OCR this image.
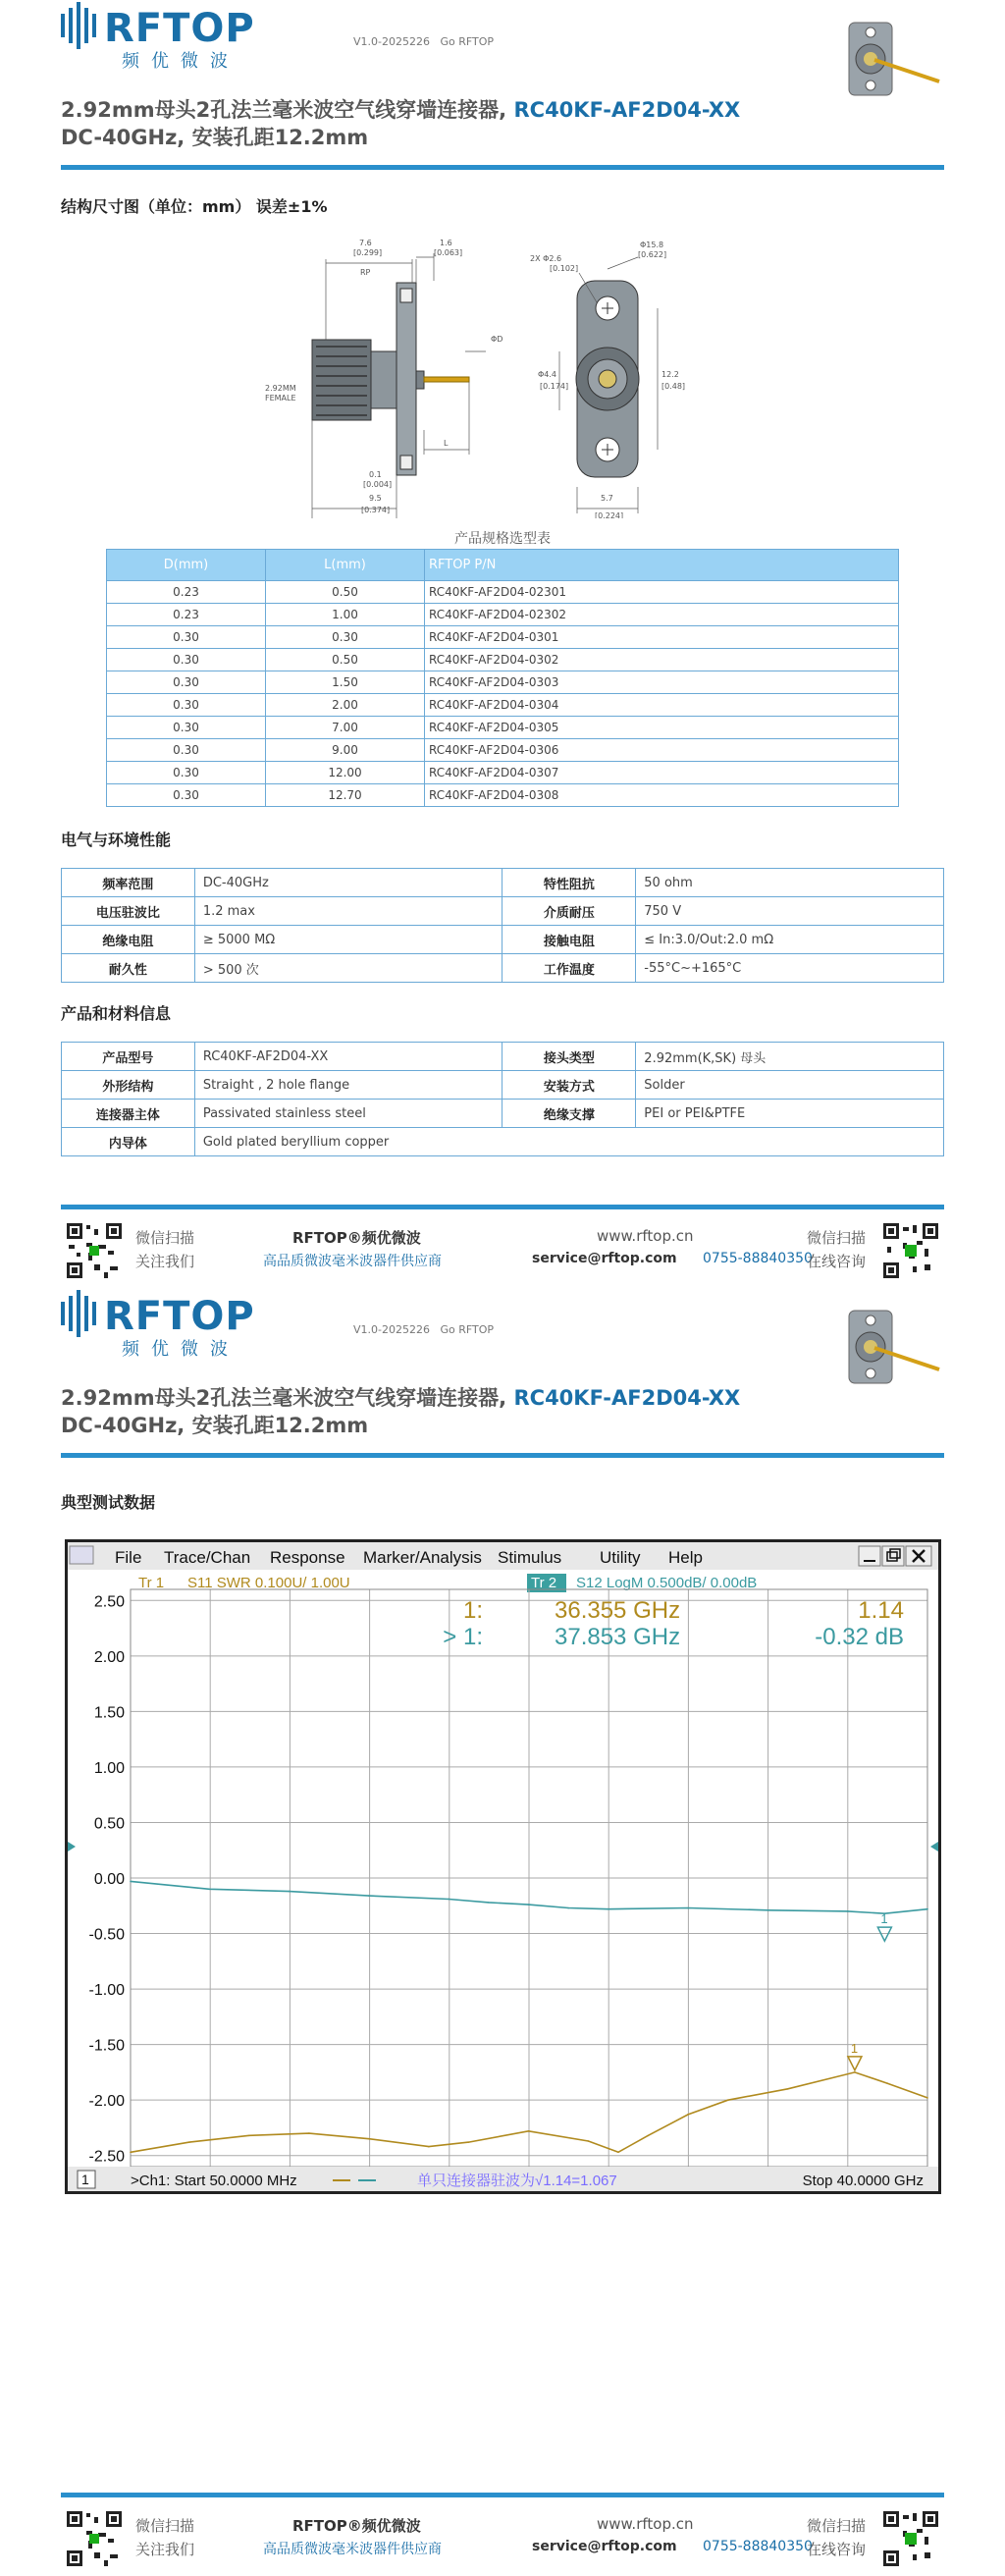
RFTOP
频优微波
V1.0-2025226 Go RFTOP
2.92mm母头2孔法兰毫米波空气线穿墙连接器, RC40KF-AF2D04-XX
DC-40GHz, 安装孔距12.2mm
结构尺寸图（单位：mm） 误差±1%
7.6
[0.299]
RP
1.6
[0.063]
ΦD
2.92MM
FEMALE
0.1
[0.004]
9.5
[0.374]
L
Φ15.8
[0.622]
2X Φ2.6
[0.102]
Φ4.4
[0.174]
12.2
[0.48]
5.7
[0.224]
产品规格选型表
D(mm)	L(mm)	RFTOP P/N
0.23	0.50	RC40KF-AF2D04-02301
0.23	1.00	RC40KF-AF2D04-02302
0.30	0.30	RC40KF-AF2D04-0301
0.30	0.50	RC40KF-AF2D04-0302
0.30	1.50	RC40KF-AF2D04-0303
0.30	2.00	RC40KF-AF2D04-0304
0.30	7.00	RC40KF-AF2D04-0305
0.30	9.00	RC40KF-AF2D04-0306
0.30	12.00	RC40KF-AF2D04-0307
0.30	12.70	RC40KF-AF2D04-0308
电气与环境性能
频率范围	DC-40GHz	特性阻抗	50 ohm
电压驻波比	1.2 max	介质耐压	750 V
绝缘电阻	≥ 5000 MΩ	接触电阻	≤ In:3.0/Out:2.0 mΩ
耐久性	> 500 次	工作温度	-55°C~+165°C
产品和材料信息
产品型号	RC40KF-AF2D04-XX	接头类型	2.92mm(K,SK) 母头
外形结构	Straight , 2 hole flange	安装方式	Solder
连接器主体	Passivated stainless steel	绝缘支撑	PEI or PEI&PTFE
内导体	Gold plated beryllium copper		
微信扫描
关注我们
RFTOP®频优微波
高品质微波毫米波器件供应商
www.rftop.cn
service@rftop.com 0755-88840350
微信扫描
在线咨询
RFTOP
频优微波
V1.0-2025226 Go RFTOP
2.92mm母头2孔法兰毫米波空气线穿墙连接器, RC40KF-AF2D04-XX
DC-40GHz, 安装孔距12.2mm
典型测试数据
微信扫描
关注我们
RFTOP®频优微波
高品质微波毫米波器件供应商
www.rftop.cn
service@rftop.com 0755-88840350
微信扫描
在线咨询
File Trace/Chan Response Marker/Analysis Stimulus Utility Help
Tr 1 S11 SWR 0.100U/ 1.00U	Tr 2 S12 LogM 0.500dB/ 0.00dB
2.50
2.00
1.50
1.00
0.50
0.00
-0.50
-1.00
-1.50
-2.00
-2.50
1:	36.355 GHz	1.14
> 1:	37.853 GHz	-0.32 dB
1
1
1	>Ch1: Start 50.0000 MHz	单只连接器驻波为√1.14=1.067	Stop 40.0000 GHz
